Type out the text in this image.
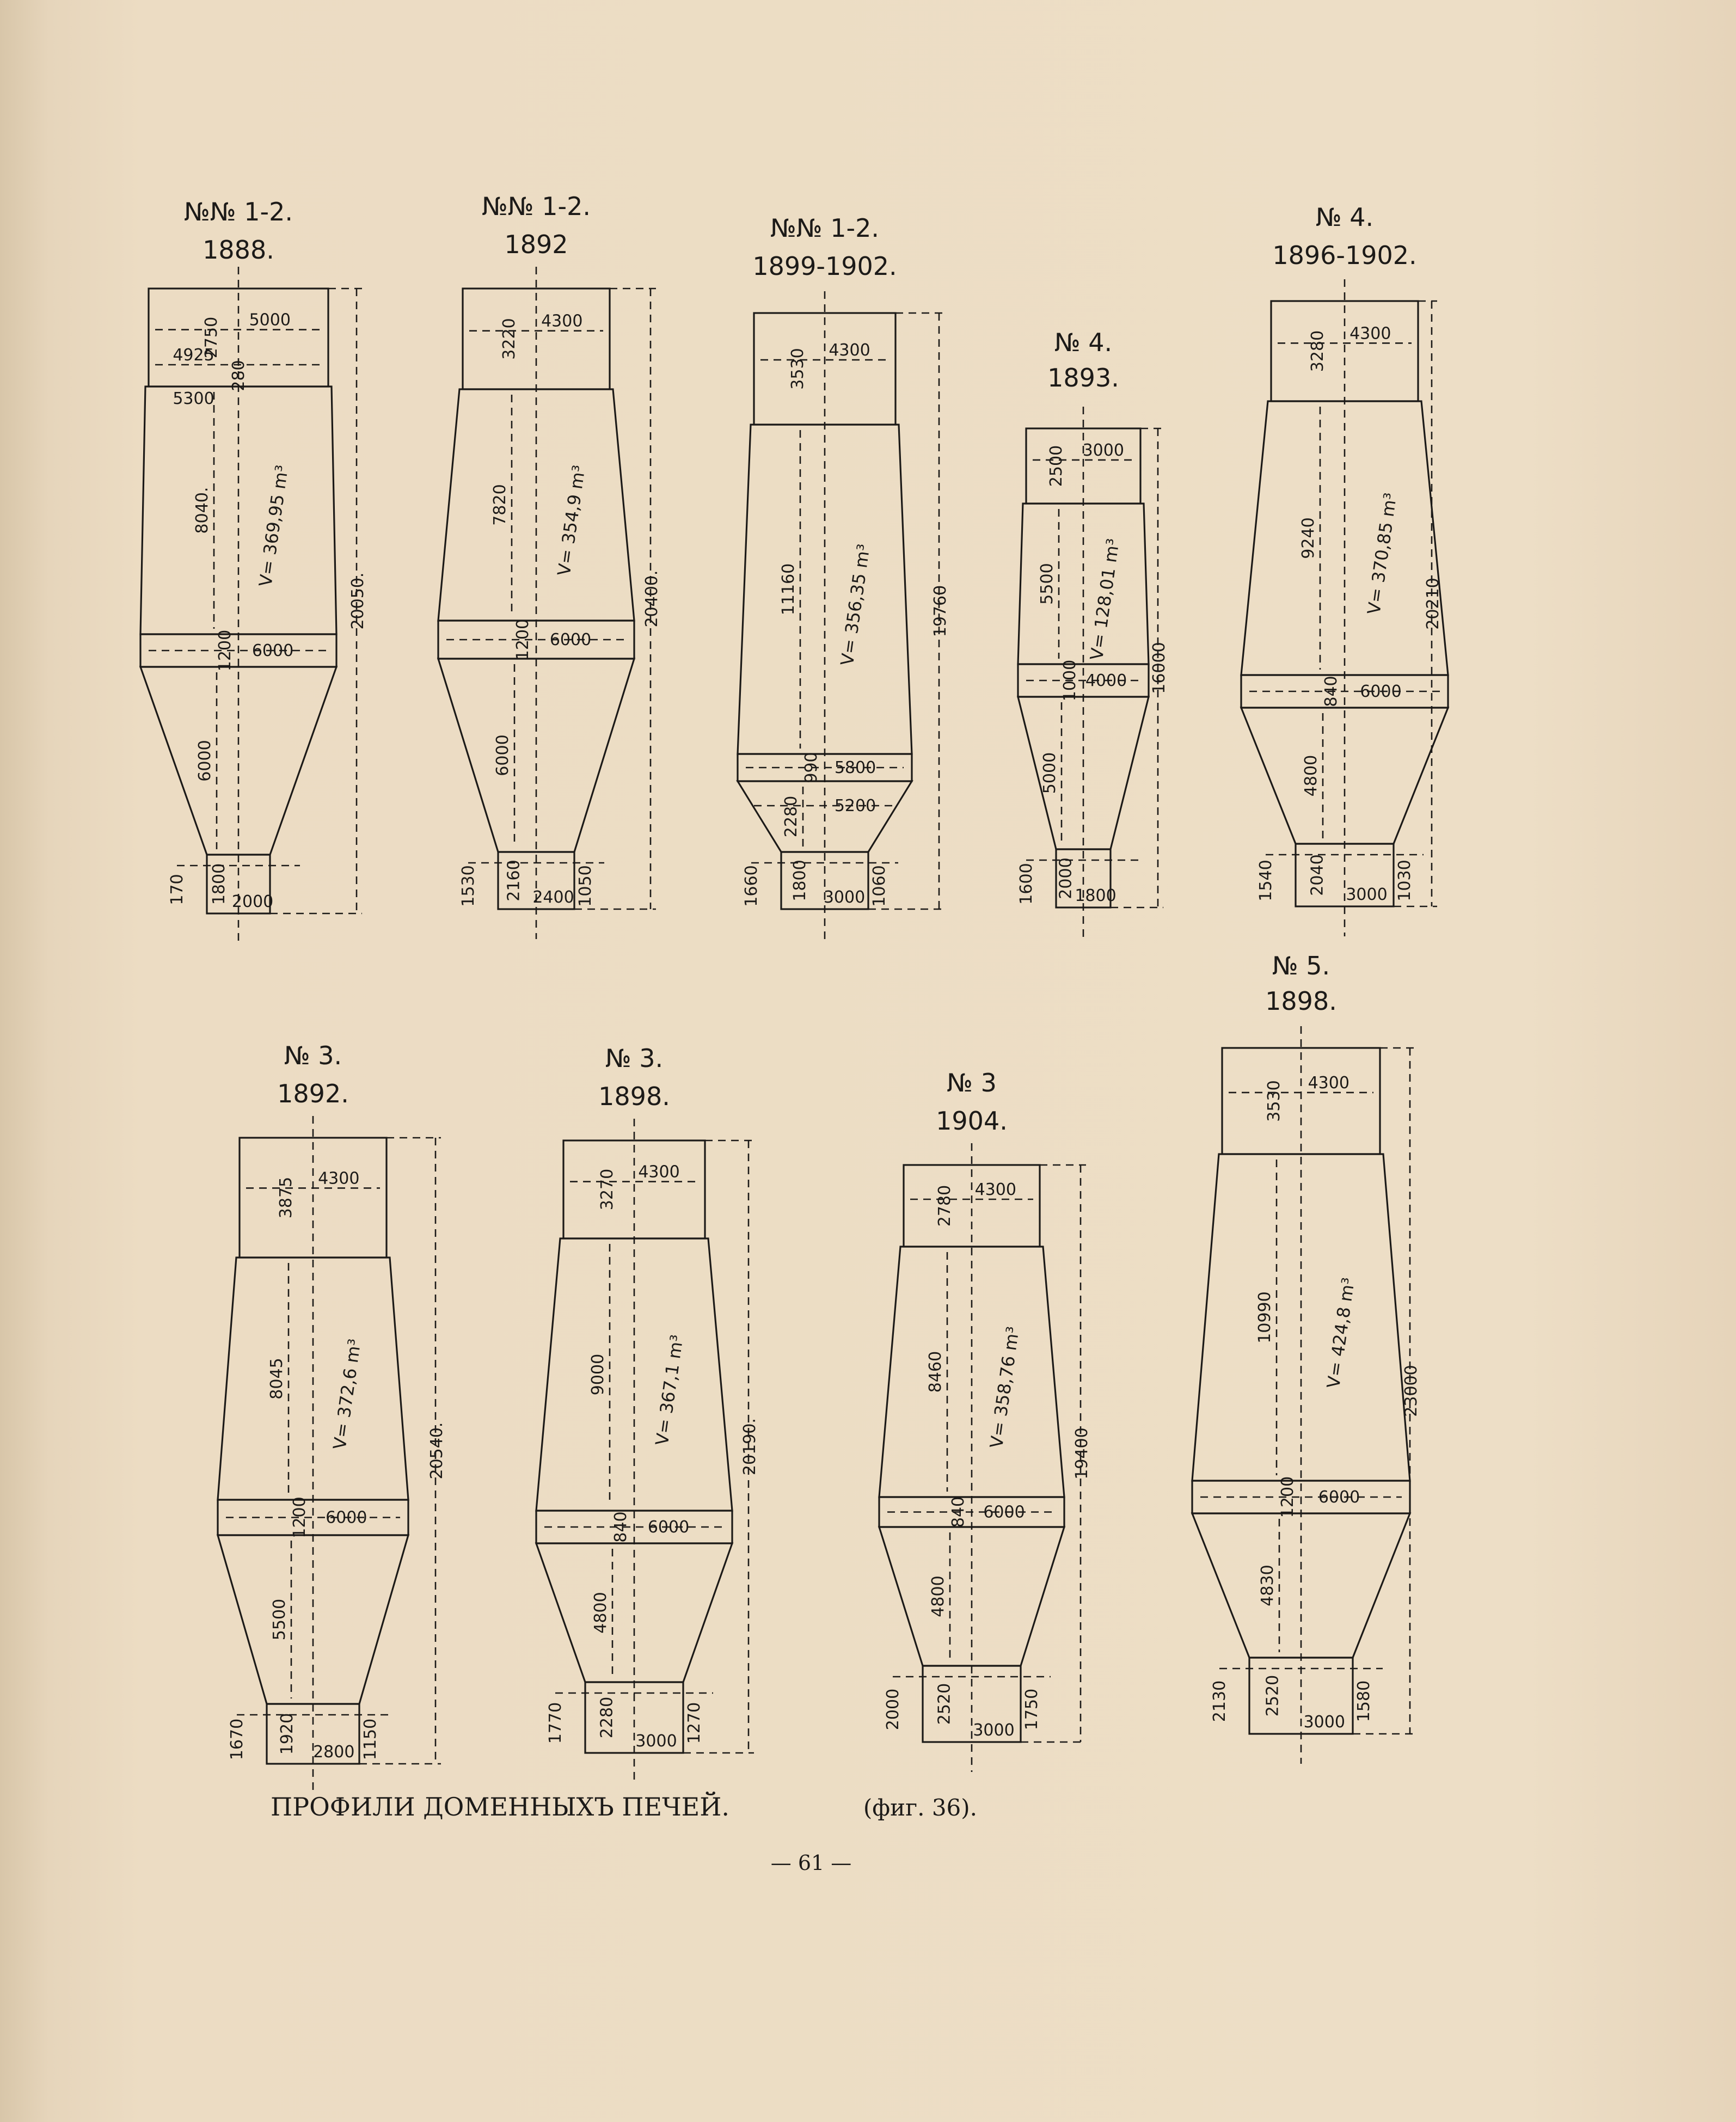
№№ 1-2.
1888.
20050.
5000
2750
8040. V= 369,95 m³
6000
1200
6000
2000
1800
170
4925
5300
280
№№ 1-2.
1892
20400.
4300
3220
7820	V= 354,9 m³
6000
1200
6000
2400
2160
1530	1050
№№ 1-2.
1899-1902.
19760
4300
3530
11160 V= 356,35 m³
5800
990
2280
3000
1800
1660	1060
5200
№ 4.
1893.
16000
3000
2500
5500 V= 128,01 m³
4000
1000
5000
1800
2000
1600
№ 4.
1896-1902.
20210
4300
3280
9240	V= 370,85 m³
6000
840
4800
3000
2040
1540	1030
№ 3.
1892.
20540.
4300
3875
8045 V= 372,6 m³
6000
1200
5500
2800
1920
1670	1150
№ 3.
1898.
20190.
4300
3270
9000	V= 367,1 m³
6000
840
4800
3000
2280
1770	1270
№ 3
1904.
19400
4300
2780
8460 V= 358,76 m³
6000
840
4800
3000
2520
2000	1750
№ 5.
1898.
23000
4300
3530
10990	V= 424,8 m³
6000
1200
4830
3000
2520
2130	1580
ПРОФИЛИ ДОМЕННЫХЪ ПЕЧЕЙ.	(фиг. 36).
— 61 —
